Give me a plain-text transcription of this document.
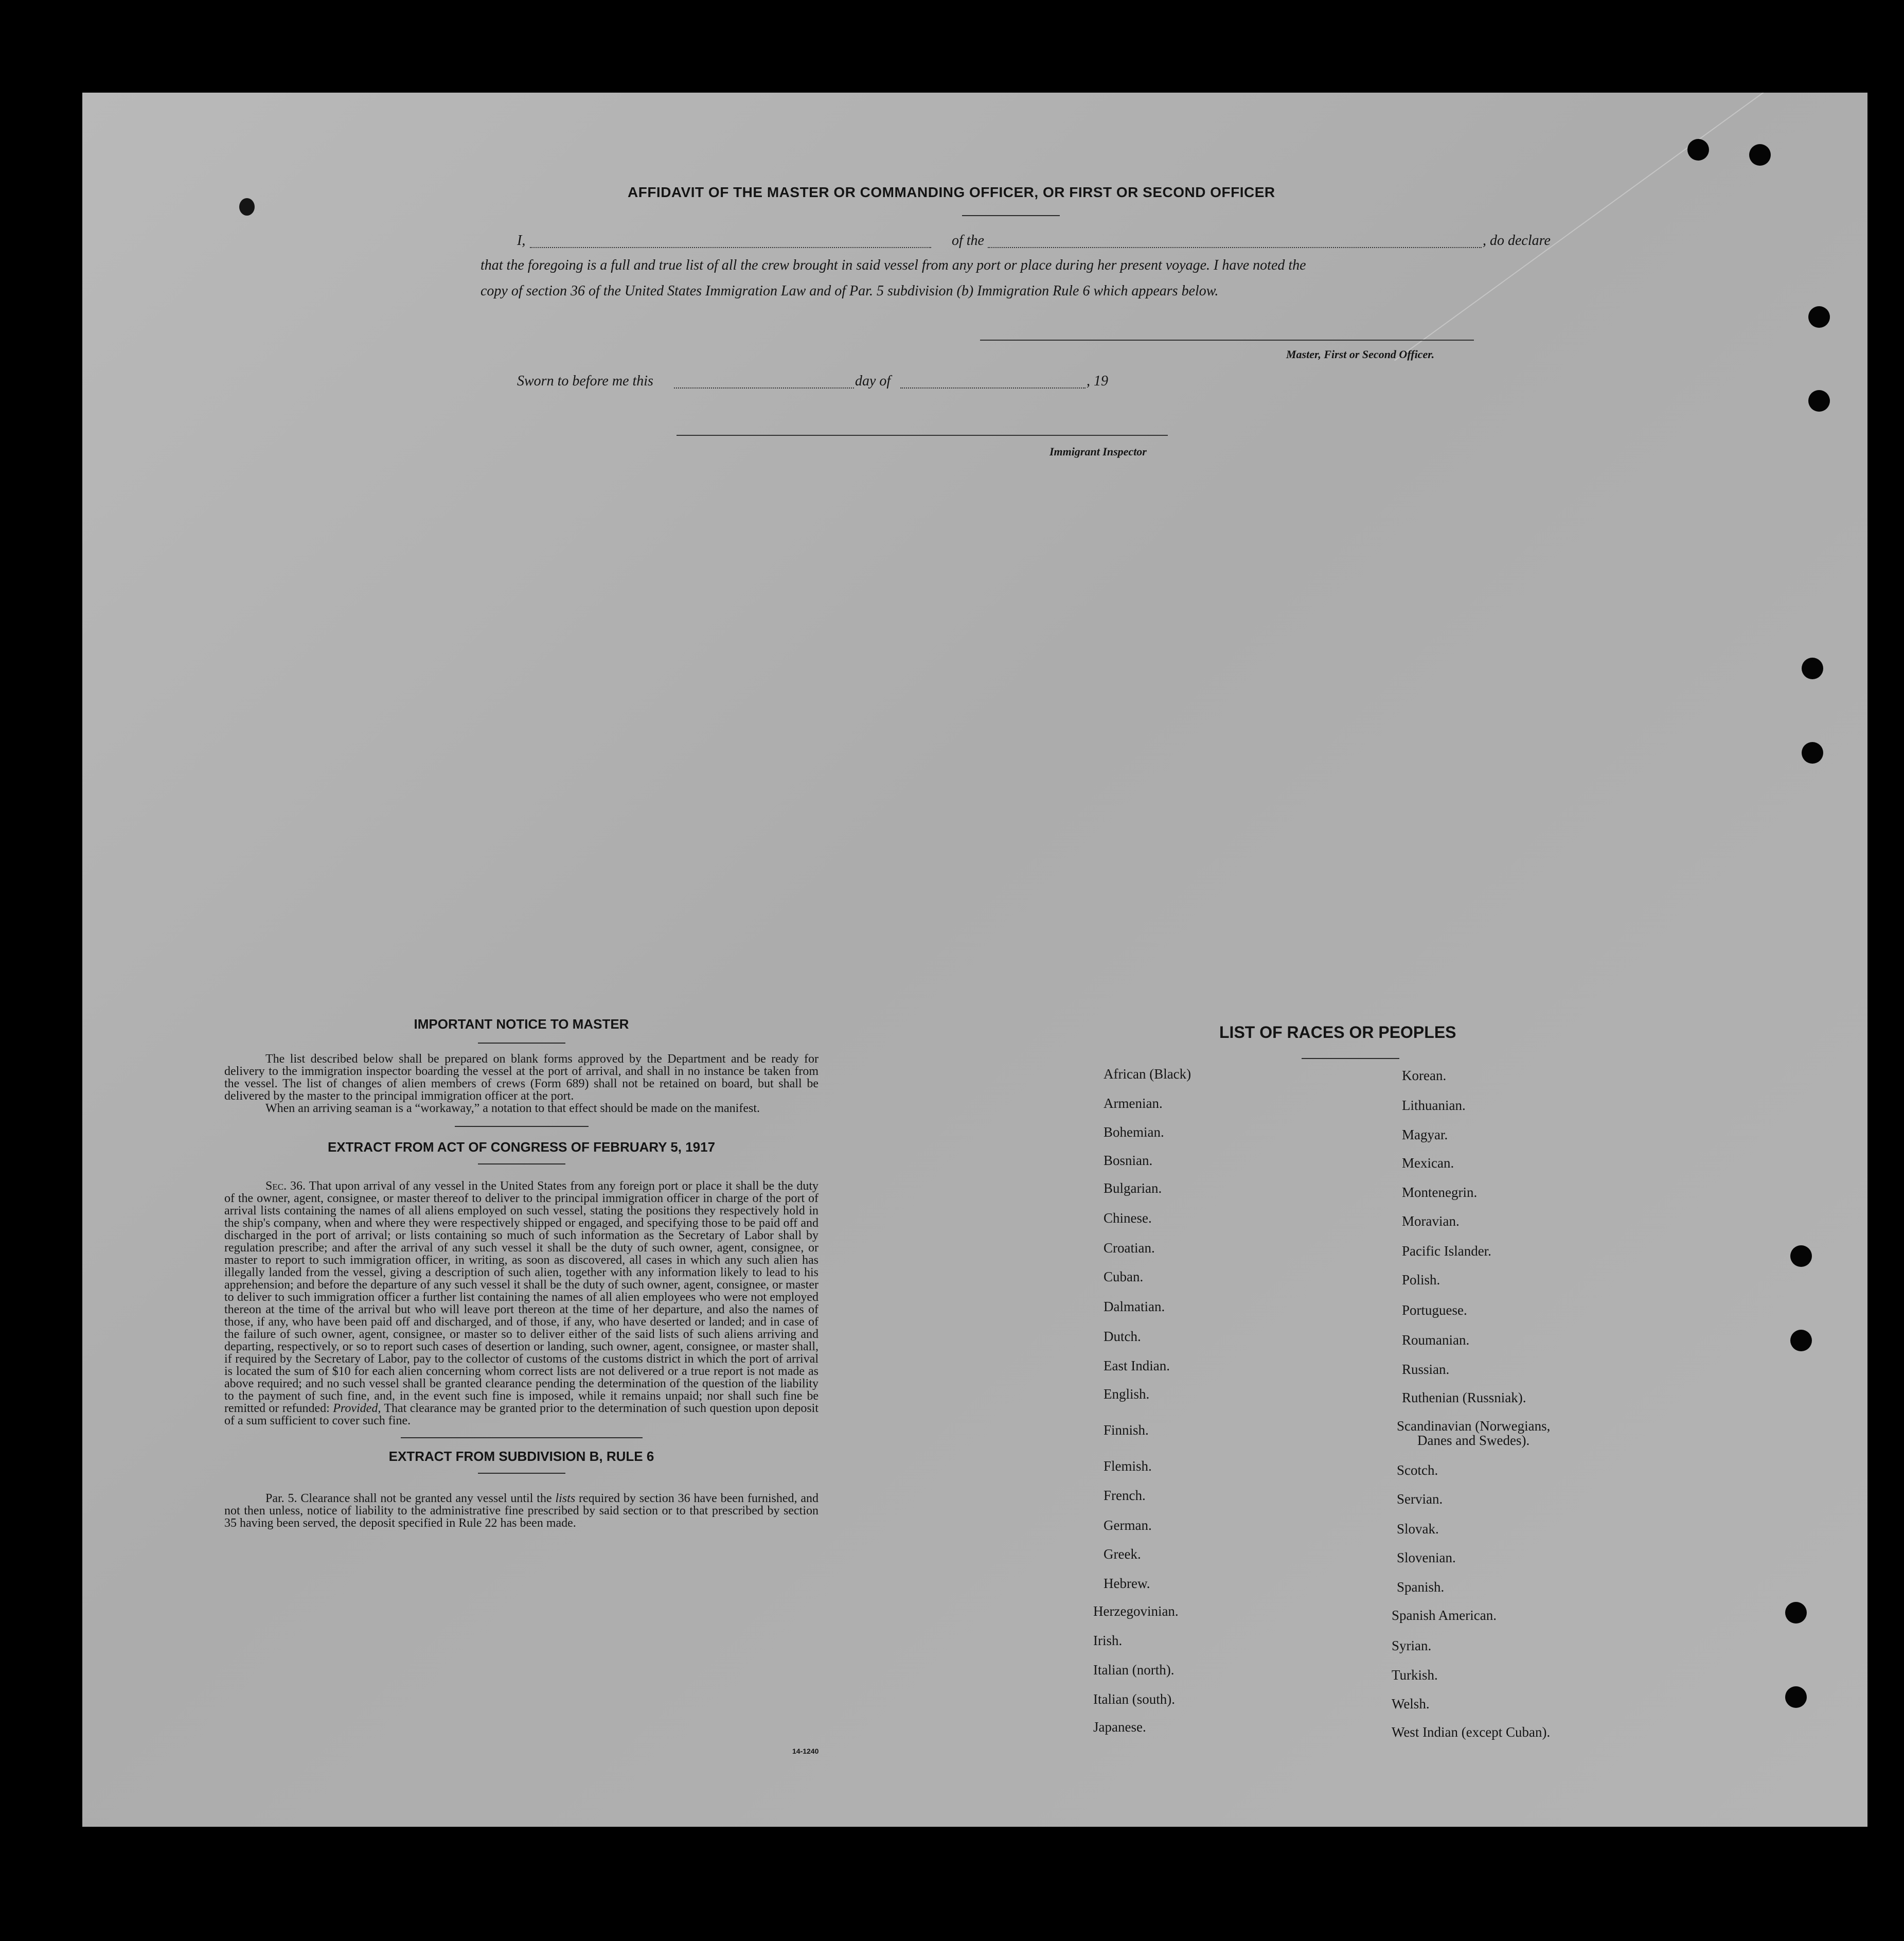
AFFIDAVIT OF THE MASTER OR COMMANDING OFFICER, OR FIRST OR SECOND OFFICER
I,	of the	, do declare
that the foregoing is a full and true list of all the crew brought in said vessel from any port or place during her present voyage. I have noted the
copy of section 36 of the United States Immigration Law and of Par. 5 subdivision (b) Immigration Rule 6 which appears below.
Master, First or Second Officer.
Sworn to before me this	day of	, 19
Immigrant Inspector

IMPORTANT NOTICE TO MASTER

The list described below shall be prepared on blank forms approved by the Department and be ready for delivery to the immigration inspector boarding the vessel at the port of arrival, and shall in no instance be taken from the vessel. The list of changes of alien members of crews (Form 689) shall not be retained on board, but shall be delivered by the master to the principal immigration officer at the port.

When an arriving seaman is a “workaway,” a notation to that effect should be made on the manifest.

EXTRACT FROM ACT OF CONGRESS OF FEBRUARY 5, 1917

Sec. 36. That upon arrival of any vessel in the United States from any foreign port or place it shall be the duty of the owner, agent, consignee, or master thereof to deliver to the principal immigration officer in charge of the port of arrival lists containing the names of all aliens employed on such vessel, stating the positions they respectively hold in the ship's company, when and where they were respectively shipped or engaged, and specifying those to be paid off and discharged in the port of arrival; or lists containing so much of such information as the Secretary of Labor shall by regulation prescribe; and after the arrival of any such vessel it shall be the duty of such owner, agent, consignee, or master to report to such immigration officer, in writing, as soon as discovered, all cases in which any such alien has illegally landed from the vessel, giving a description of such alien, together with any information likely to lead to his apprehension; and before the departure of any such vessel it shall be the duty of such owner, agent, consignee, or master to deliver to such immigration officer a further list containing the names of all alien employees who were not employed thereon at the time of the arrival but who will leave port thereon at the time of her departure, and also the names of those, if any, who have been paid off and discharged, and of those, if any, who have deserted or landed; and in case of the failure of such owner, agent, consignee, or master so to deliver either of the said lists of such aliens arriving and departing, respectively, or so to report such cases of desertion or landing, such owner, agent, consignee, or master shall, if required by the Secretary of Labor, pay to the collector of customs of the customs district in which the port of arrival is located the sum of $10 for each alien concerning whom correct lists are not delivered or a true report is not made as above required; and no such vessel shall be granted clearance pending the determination of the question of the liability to the payment of such fine, and, in the event such fine is imposed, while it remains unpaid; nor shall such fine be remitted or refunded: Provided, That clearance may be granted prior to the determination of such question upon deposit of a sum sufficient to cover such fine.

EXTRACT FROM SUBDIVISION B, RULE 6

Par. 5. Clearance shall not be granted any vessel until the lists required by section 36 have been furnished, and not then unless, notice of liability to the administrative fine prescribed by said section or to that prescribed by section 35 having been served, the deposit specified in Rule 22 has been made.

14-1240
LIST OF RACES OR PEOPLES
African (Black)
Armenian.
Bohemian.
Bosnian.
Bulgarian.
Chinese.
Croatian.
Cuban.
Dalmatian.
Dutch.
East Indian.
English.
Finnish.
Flemish.
French.
German.
Greek.
Hebrew.
Herzegovinian.
Irish.
Italian (north).
Italian (south).
Japanese.
Korean.
Lithuanian.
Magyar.
Mexican.
Montenegrin.
Moravian.
Pacific Islander.
Polish.
Portuguese.
Roumanian.
Russian.
Ruthenian (Russniak).
Scandinavian (Norwegians,
Danes and Swedes).
Scotch.
Servian.
Slovak.
Slovenian.
Spanish.
Spanish American.
Syrian.
Turkish.
Welsh.
West Indian (except Cuban).
